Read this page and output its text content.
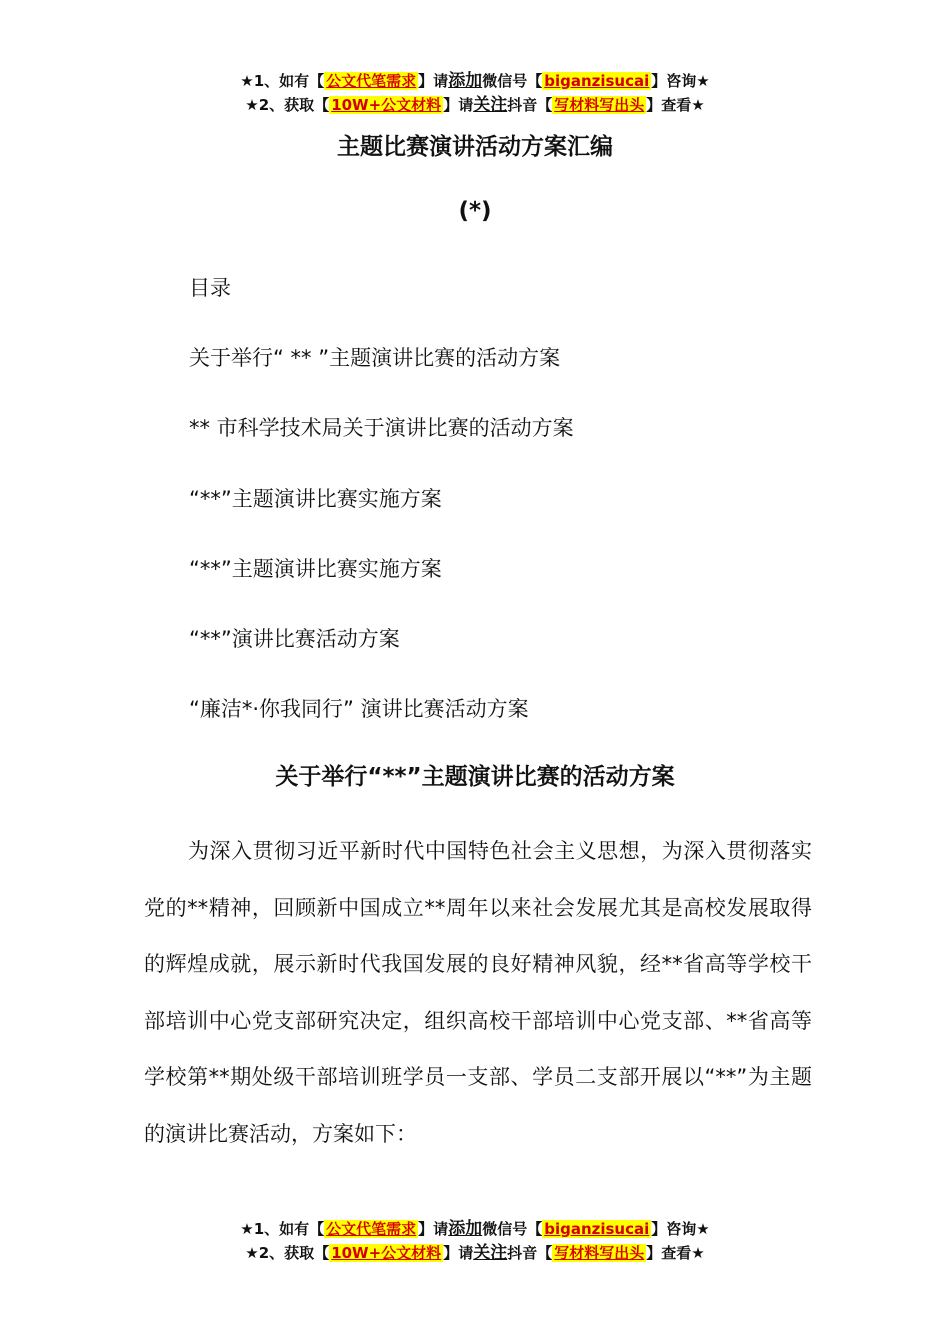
★1、如有【 公文代笔需求 】请添加微信号【 biganzisucai 】咨询★
★2、获取【 10W+公文材料 】请关注抖音【 写材料写出头 】查看★
主题比赛演讲活动方案汇编
(*)
目录
关于举行“ ** ”主题演讲比赛的活动方案
** 市科学技术局关于演讲比赛的活动方案
“**”主题演讲比赛实施方案
“**”主题演讲比赛实施方案
“**”演讲比赛活动方案
“廉洁*·你我同行” 演讲比赛活动方案
关于举行“**”主题演讲比赛的活动方案
为深入贯彻习近平新时代中国特色社会主义思想，为深入贯彻落实党的**精神，回顾新中国成立**周年以来社会发展尤其是高校发展取得的辉煌成就，展示新时代我国发展的良好精神风貌，经**省高等学校干部培训中心党支部研究决定，组织高校干部培训中心党支部、**省高等学校第**期处级干部培训班学员一支部、学员二支部开展以“**”为主题的演讲比赛活动，方案如下：
★1、如有【 公文代笔需求 】请添加微信号【 biganzisucai 】咨询★
★2、获取【 10W+公文材料 】请关注抖音【 写材料写出头 】查看★
